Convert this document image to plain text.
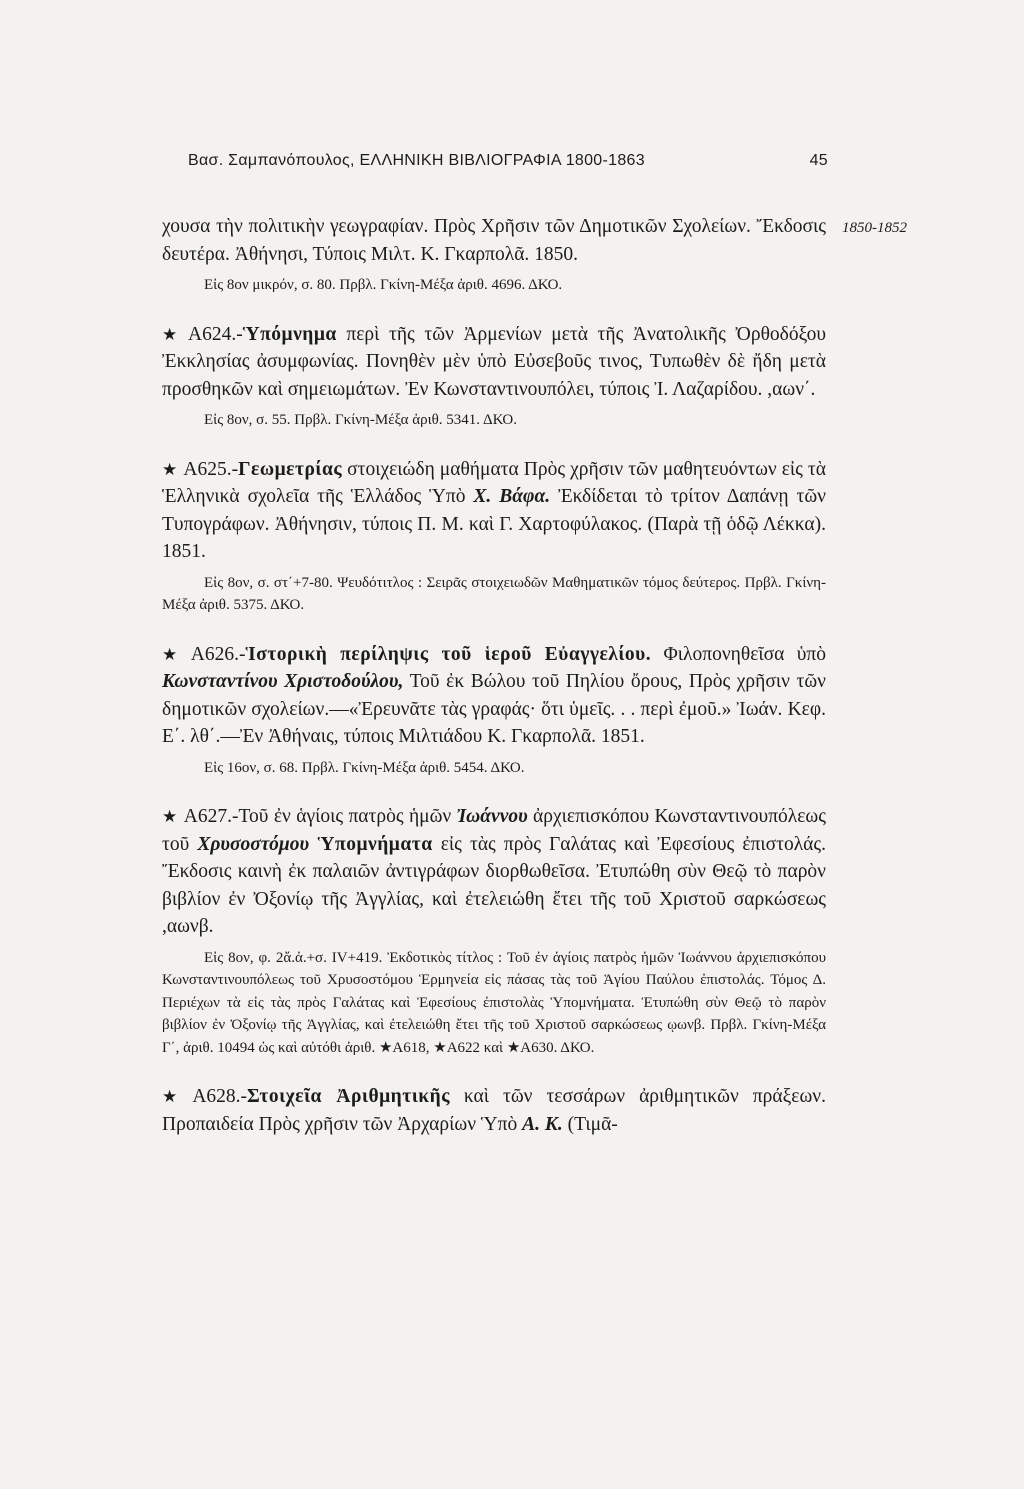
Βασ. Σαμπανόπουλος, ΕΛΛΗΝΙΚΗ ΒΙΒΛΙΟΓΡΑΦΙΑ 1800-1863	45
1850-1852

χουσα τὴν πολιτικὴν γεωγραφίαν. Πρὸς Χρῆσιν τῶν Δημοτικῶν Σχολείων. Ἔκδοσις δευτέρα. Ἀθήνησι, Τύποις Μιλτ. Κ. Γκαρπολᾶ. 1850.

Εἰς 8ον μικρόν, σ. 80. Πρβλ. Γκίνη-Μέξα ἀριθ. 4696. ΔΚΟ.

★ Α624.-Ὑπόμνημα περὶ τῆς τῶν Ἀρμενίων μετὰ τῆς Ἀνατολικῆς Ὀρθοδόξου Ἐκκλησίας ἀσυμφωνίας. Πονηθὲν μὲν ὑπὸ Εὐσεβοῦς τινος, Τυπωθὲν δὲ ἤδη μετὰ προσθηκῶν καὶ σημειωμάτων. Ἐν Κωνσταντινουπόλει, τύποις Ἰ. Λαζαρίδου. ,αων΄.

Εἰς 8ον, σ. 55. Πρβλ. Γκίνη-Μέξα ἀριθ. 5341. ΔΚΟ.

★ Α625.-Γεωμετρίας στοιχειώδη μαθήματα Πρὸς χρῆσιν τῶν μαθητευόντων εἰς τὰ Ἑλληνικὰ σχολεῖα τῆς Ἑλλάδος Ὑπὸ Χ. Βάφα. Ἐκδίδεται τὸ τρίτον Δαπάνῃ τῶν Τυπογράφων. Ἀθήνησιν, τύποις Π. Μ. καὶ Γ. Χαρτοφύλακος. (Παρὰ τῇ ὁδῷ Λέκκα). 1851.

Εἰς 8ον, σ. στ΄+7-80. Ψευδότιτλος : Σειρᾶς στοιχειωδῶν Μαθηματικῶν τόμος δεύτερος. Πρβλ. Γκίνη-Μέξα ἀριθ. 5375. ΔΚΟ.

★ Α626.-Ἱστορικὴ περίληψις τοῦ ἱεροῦ Εὐαγγελίου. Φιλοπονηθεῖσα ὑπὸ Κωνσταντίνου Χριστοδούλου, Τοῦ ἐκ Βώλου τοῦ Πηλίου ὄρους, Πρὸς χρῆσιν τῶν δημοτικῶν σχολείων.—«Ἐρευνᾶτε τὰς γραφάς· ὅτι ὑμεῖς. . . περὶ ἐμοῦ.» Ἰωάν. Κεφ. Ε΄. λθ΄.—Ἐν Ἀθήναις, τύποις Μιλτιάδου Κ. Γκαρπολᾶ. 1851.

Εἰς 16ον, σ. 68. Πρβλ. Γκίνη-Μέξα ἀριθ. 5454. ΔΚΟ.

★ Α627.-Τοῦ ἐν ἁγίοις πατρὸς ἡμῶν Ἰωάννου ἀρχιεπισκόπου Κωνσταντινουπόλεως τοῦ Χρυσοστόμου Ὑπομνήματα εἰς τὰς πρὸς Γαλάτας καὶ Ἐφεσίους ἐπιστολάς. Ἔκδοσις καινὴ ἐκ παλαιῶν ἀντιγράφων διορθωθεῖσα. Ἐτυπώθη σὺν Θεῷ τὸ παρὸν βιβλίον ἐν Ὀξονίῳ τῆς Ἀγγλίας, καὶ ἐτελειώθη ἔτει τῆς τοῦ Χριστοῦ σαρκώσεως ,αωνβ.

Εἰς 8ον, φ. 2ἄ.ἀ.+σ. IV+419. Ἐκδοτικὸς τίτλος : Τοῦ ἐν ἁγίοις πατρὸς ἡμῶν Ἰωάννου ἀρχιεπισκόπου Κωνσταντινουπόλεως τοῦ Χρυσοστόμου Ἑρμηνεία εἰς πάσας τὰς τοῦ Ἁγίου Παύλου ἐπιστολάς. Τόμος Δ. Περιέχων τὰ εἰς τὰς πρὸς Γαλάτας καὶ Ἐφεσίους ἐπιστολὰς Ὑπομνήματα. Ἐτυπώθη σὺν Θεῷ τὸ παρὸν βιβλίον ἐν Ὀξονίῳ τῆς Ἀγγλίας, καὶ ἐτελειώθη ἔτει τῆς τοῦ Χριστοῦ σαρκώσεως ῳωνβ. Πρβλ. Γκίνη-Μέξα Γ΄, ἀριθ. 10494 ὡς καὶ αὐτόθι ἀριθ. ★Α618, ★Α622 καὶ ★Α630. ΔΚΟ.

★ Α628.-Στοιχεῖα Ἀριθμητικῆς καὶ τῶν τεσσάρων ἀριθμητικῶν πράξεων. Προπαιδεία Πρὸς χρῆσιν τῶν Ἀρχαρίων Ὑπὸ Α. Κ. (Τιμᾶ-
